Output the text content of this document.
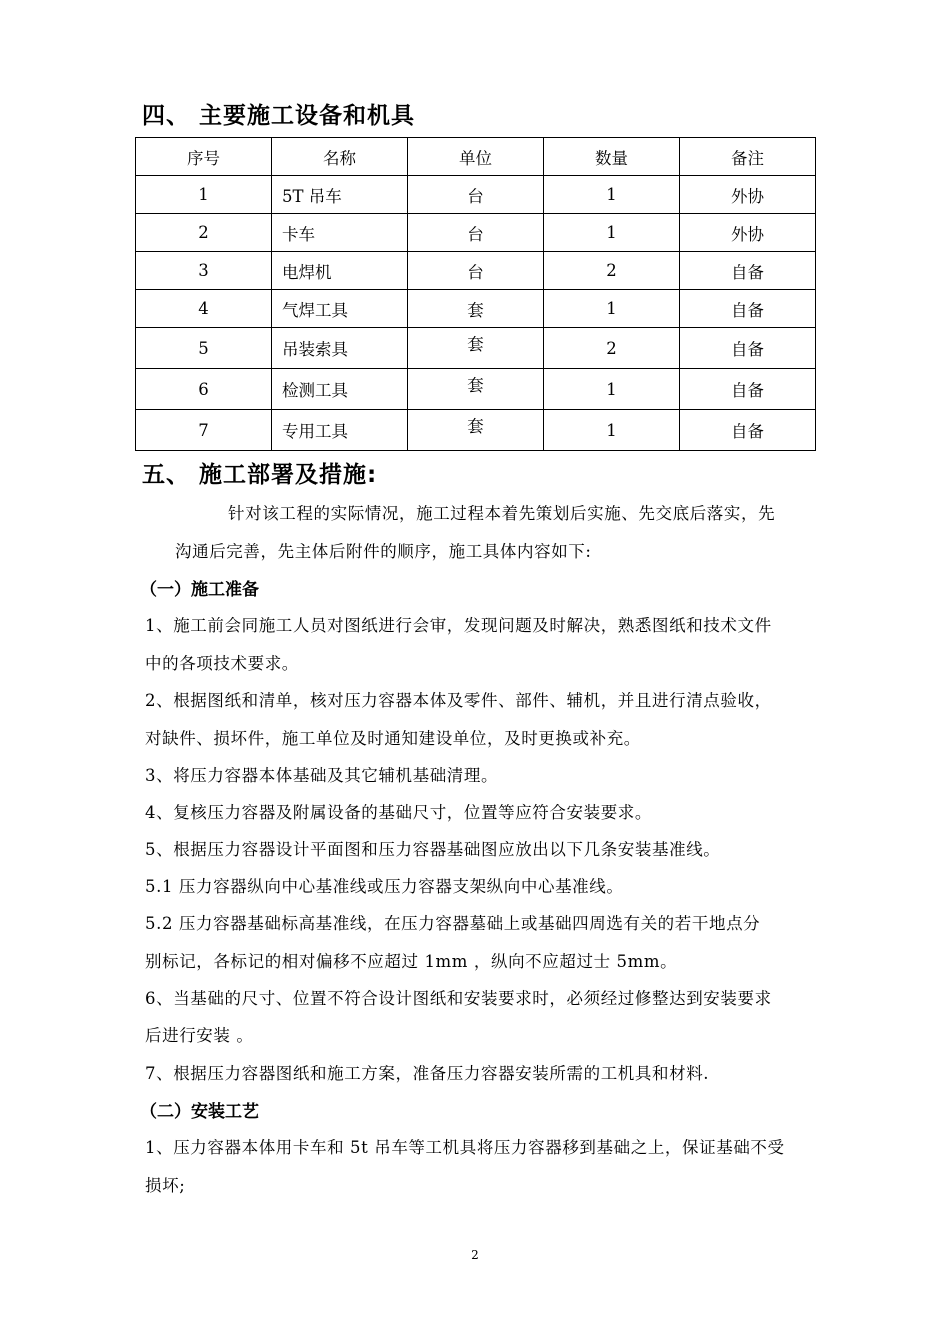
四、 主要施工设备和机具
序号	名称	单位	数量	备注
1	5T 吊车	台	1	外协
2	卡车	台	1	外协
3	电焊机	台	2	自备
4	气焊工具	套	1	自备
5	吊装索具	套	2	自备
6	检测工具	套	1	自备
7	专用工具	套	1	自备
五、 施工部署及措施:
针对该工程的实际情况，施工过程本着先策划后实施、先交底后落实，先
沟通后完善，先主体后附件的顺序，施工具体内容如下:
（一）施工准备
1、施工前会同施工人员对图纸进行会审，发现问题及时解决，熟悉图纸和技术文件
中的各项技术要求。
2、根据图纸和清单，核对压力容器本体及零件、部件、辅机，并且进行清点验收，
对缺件、损坏件，施工单位及时通知建设单位，及时更换或补充。
3、将压力容器本体基础及其它辅机基础清理。
4、复核压力容器及附属设备的基础尺寸，位置等应符合安装要求。
5、根据压力容器设计平面图和压力容器基础图应放出以下几条安装基准线。
5.1 压力容器纵向中心基准线或压力容器支架纵向中心基准线。
5.2 压力容器基础标高基准线，在压力容器墓础上或基础四周选有关的若干地点分
别标记，各标记的相对偏移不应超过 1mm ，纵向不应超过士 5mm。
6、当基础的尺寸、位置不符合设计图纸和安装要求时，必须经过修整达到安装要求
后进行安装 。
7、根据压力容器图纸和施工方案，准备压力容器安装所需的工机具和材料.
（二）安装工艺
1、压力容器本体用卡车和 5t 吊车等工机具将压力容器移到基础之上，保证基础不受
损坏;
2
